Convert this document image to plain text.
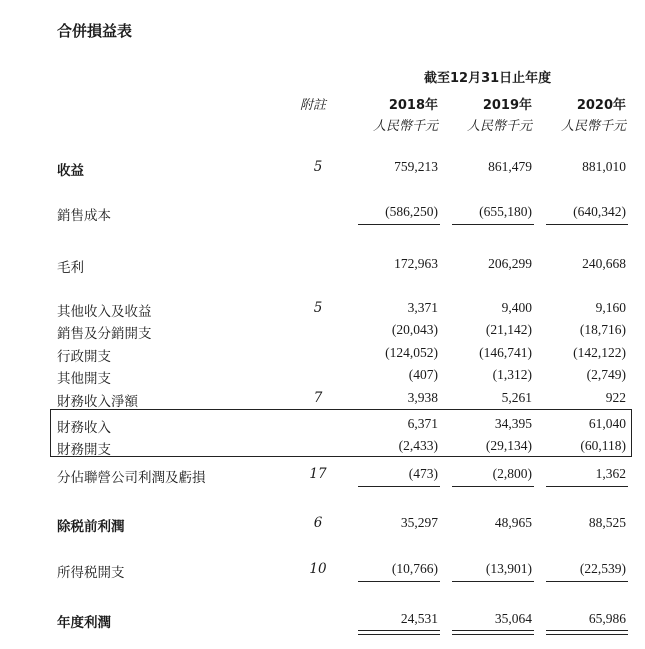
合併損益表
截至12月31日止年度
附註	2018年	2019年	2020年
人民幣千元 人民幣千元 人民幣千元
收益	5	759,213	861,479	881,010
銷售成本	(586,250)	(655,180)	(640,342)
毛利	172,963	206,299	240,668
其他收入及收益	5	3,371	9,400	9,160
銷售及分銷開支	(20,043)	(21,142)	(18,716)
行政開支	(124,052)	(146,741)	(142,122)
其他開支	(407)	(1,312)	(2,749)
財務收入淨額	7	3,938	5,261	922
財務收入	6,371	34,395	61,040
財務開支	(2,433)	(29,134)	(60,118)
分佔聯營公司利潤及虧損	17	(473)	(2,800)	1,362
除税前利潤	6	35,297	48,965	88,525
所得税開支	10	(10,766)	(13,901)	(22,539)
年度利潤	24,531	35,064	65,986
